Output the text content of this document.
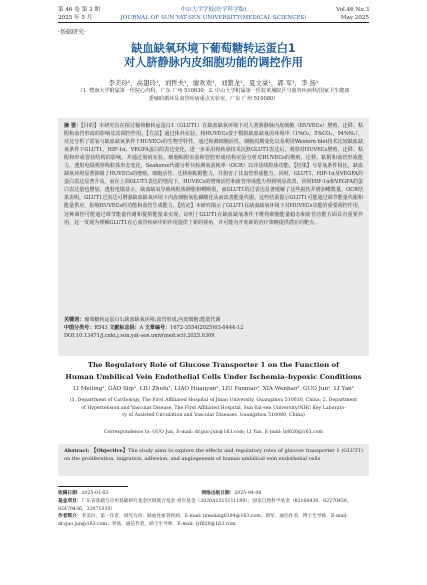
第 46 卷 第 3 期
2025 年 5 月
中山大学学报(医学科学版)
JOURNAL OF SUN YAT-SEN UNIVERSITY(MEDICAL SCIENCES)
Vol.46 No.3
May 2025
·基础研究·
缺血缺氧环境下葡萄糖转运蛋白1
对人脐静脉内皮细胞功能的调控作用
李美玲¹，高翅玲¹，刘哲夫¹，廖欢欢¹，刘繁龙²，夏文豪¹，郭 军¹，李 扬¹
（1. 暨南大学附属第一医院心内科，广东 广州 510630；2. 中山大学附属第一医院黄埔院区与血管疾病科/国家卫生健康
委辅助循环及血管疾病重点实验室，广东 广州 510080）
摘 要：【目的】本研究旨在探讨葡萄糖转运蛋白1（GLUT1）在缺血缺氧环境下对人类脐静脉内皮细胞（HUVECs）增殖、迁移、粘附和血管形成的影响及其调控作用。【方法】通过体外实验，将HUVECs置于模拟缺血缺氧的环境中（1%O₂，5%CO₂，94%N₂），对比分析了常氧与缺血缺氧条件下HUVECs的生物学特性，通过检测细胞活性、细胞周期变化以及利用Western blot技术比较缺血缺氧条件下GLUT1、HIF-1α、VEGFA蛋白的表达变化，进一步采用将转染技术沉默GLUT1表达后，观察对HUVECs增殖、迁移、粘附和形成管状结构的影响，并通过划痕实验、细胞粘附实验和管腔形成结构实验分析对HUVECs的增殖、迁移、粘附和血管形成能力，透射电镜观察线粒体形态变化，Seahorse代谢分析仪检测氧消耗率（OCR）以评估线粒体功能。【结果】与常氧条件相比，缺血缺氧环境显著抑制了HUVECs的增殖、细胞活性、迁移和粘附能力，并损害了其血管形成能力。同时，GLUT1、HIF-1α及VEGFA的蛋白表达显著升高。而在上调GLUT1表达的情况下，HUVECs的增殖活性和血管形成能力得到明显改善，同时HIF-1α和VEGFA的蛋白表达量也增加。透射电镜显示，缺血缺氧导致线粒体肿胀和嵴断裂，而GLUT1的过表达显著缓解了这些损伤并增加嵴数量。OCR结果表明，GLUT1过表达可增强缺血缺氧环境下内皮细胞氧化磷酸化从而改善能量代谢。这些结果提示GLUT1可能通过调节能量代谢和能量供应，影响HUVECs的功能和血管生成能力。【结论】本研究揭示了GLUT1在缺血缺氧环境下对HUVECs功能的重要调控作用，这种调控可能通过调节能量代谢和提供能量来实现，证明了GLUT1在缺血缺氧条件下维持细胞能量稳态和血管功能方面具有重要作用，这一发现为理解GLUT1在心血管疾病中的作用提供了新的视角，并可能为开发新的治疗策略提供潜在的靶点。
关键词：葡萄糖转运蛋白1;缺血缺氧环境;血管形成;内皮细胞;能量代谢
中图分类号：R543 文献标志码：A 文章编号：1672-3554(2025)03-0444-12
DOI:10.13471/j.cnki.j.sun.yat-sen.univ(med.sci).2025.0309
The Regulatory Role of Glucose Transporter 1 on the Function of
Human Umbilical Vein Endothelial Cells Under Ischemia–hypoxic Conditions
LI Meiling¹, GAO Siqi¹, LIU Zhefu¹, LIAO Huanyan¹, LIU Fanmao², XIA Wenhao², GUO Jun¹, LI Yan¹
(1. Department of Cardiology, The First Affiliated Hospital of Jinan University, Guangzhou 510630, China; 2. Department
of Hypertension and Vascular Disease, The First Affiliated Hospital, Sun Yat-sen University/NHC Key Laborato-
ry of Assisted Circulation and Vascular Diseases, Guangzhou 510080, China)
Correspondence to: GUO Jun, E-mail: dr.guo.jun@163.com; LI Yan, E-mail: lyf620@163.com

Abstract: 【Objective】The study aims to explore the effects and regulatory roles of glucose transporter 1 (GLUT1) on the proliferation, migration, adhesion, and angiogenesis of human umbilical vein endothelial cells

收稿日期：2025-01-02	网络出版日期：2025-04-08
基金项目：广东省基础与应用基础研究基金区域联合基金-青年基金（2020A1515111199）；国家自然科学基金（82100430，82270456，82470436，32071335）
作者简介：李美玲，第一作者，研究方向：缺血性血管疾病，E-mail: limeiling0194@163.com；郭军，通信作者，博士生导师，E-mail: dr.guo.jun@163.com；李扬，通信作者，硕士生导师，E-mail: lyf620@163.com
